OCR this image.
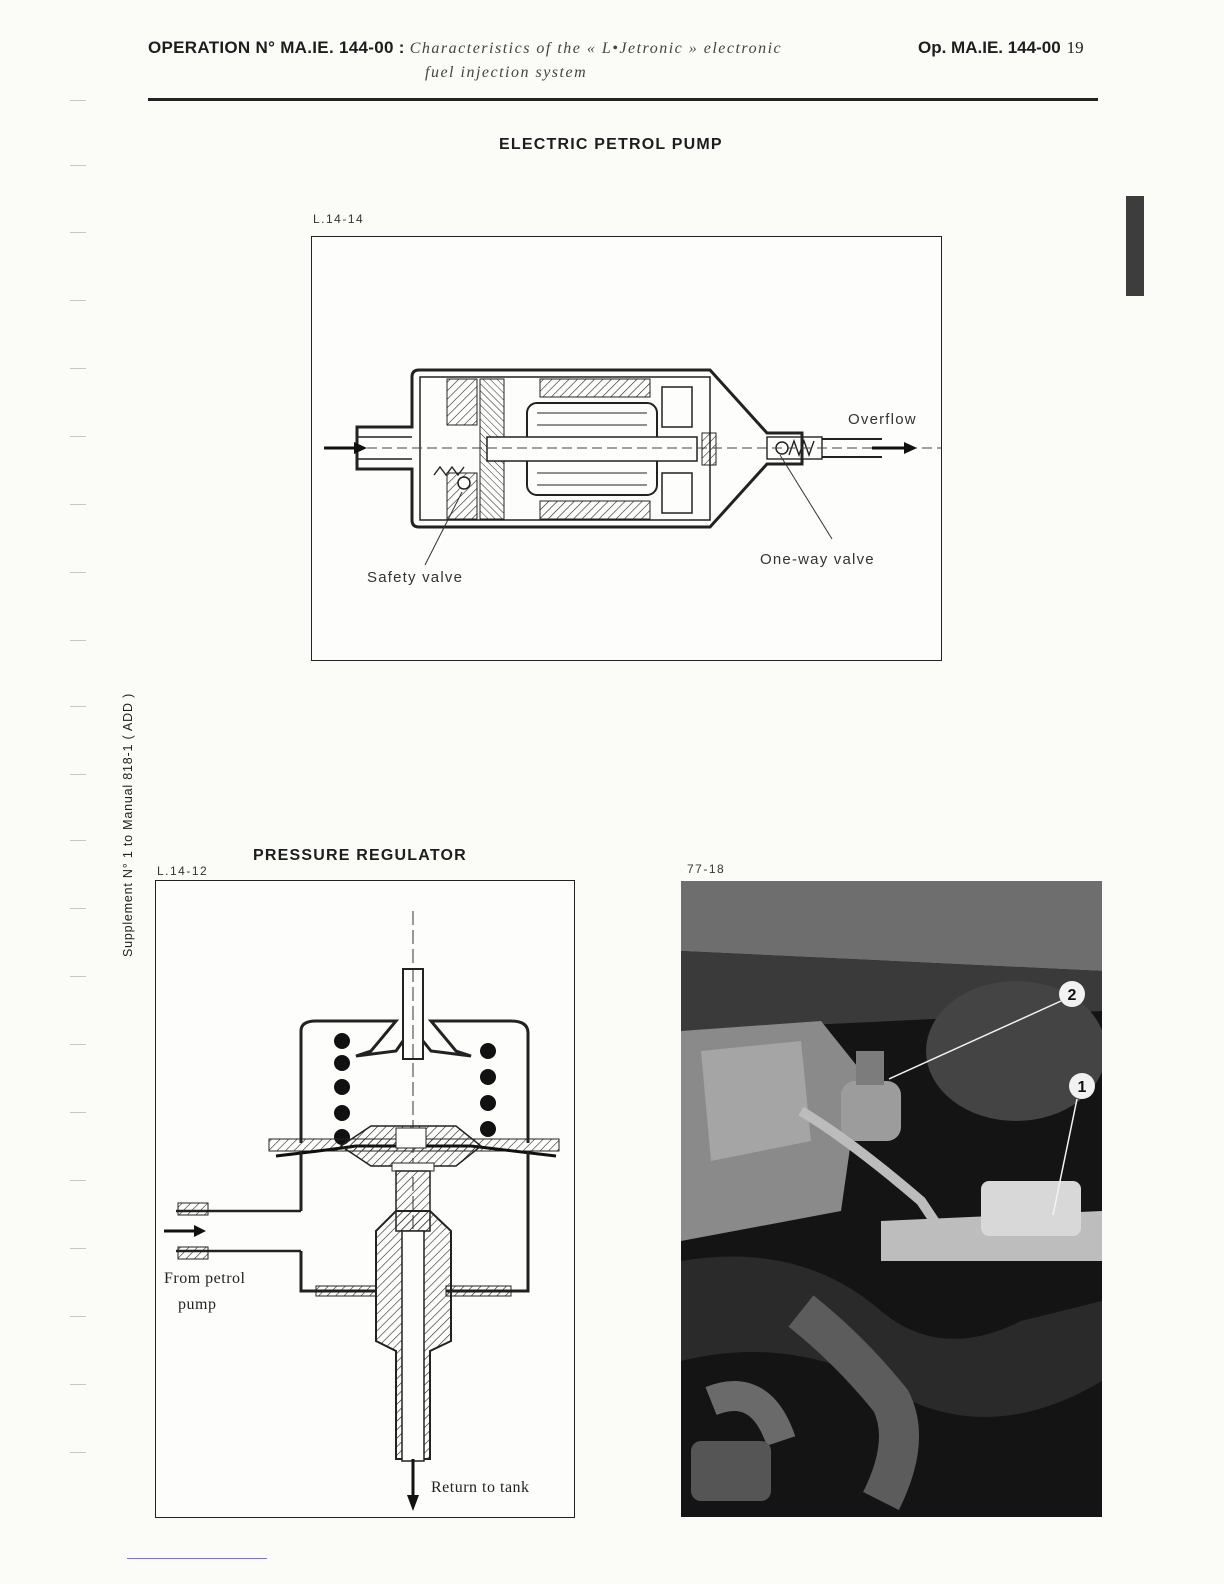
OPERATION N° MA.IE. 144-00 : Characteristics of the « L•Jetronic » electronic
fuel injection system
Op. MA.IE. 144-00 19
ELECTRIC PETROL PUMP
L.14-14
Overflow
One-way valve
Safety valve
Supplement N° 1 to Manual 818-1 ( ADD )	PRESSURE REGULATOR
L.14-12
From petrol
pump
Return to tank
77-18
2
1
